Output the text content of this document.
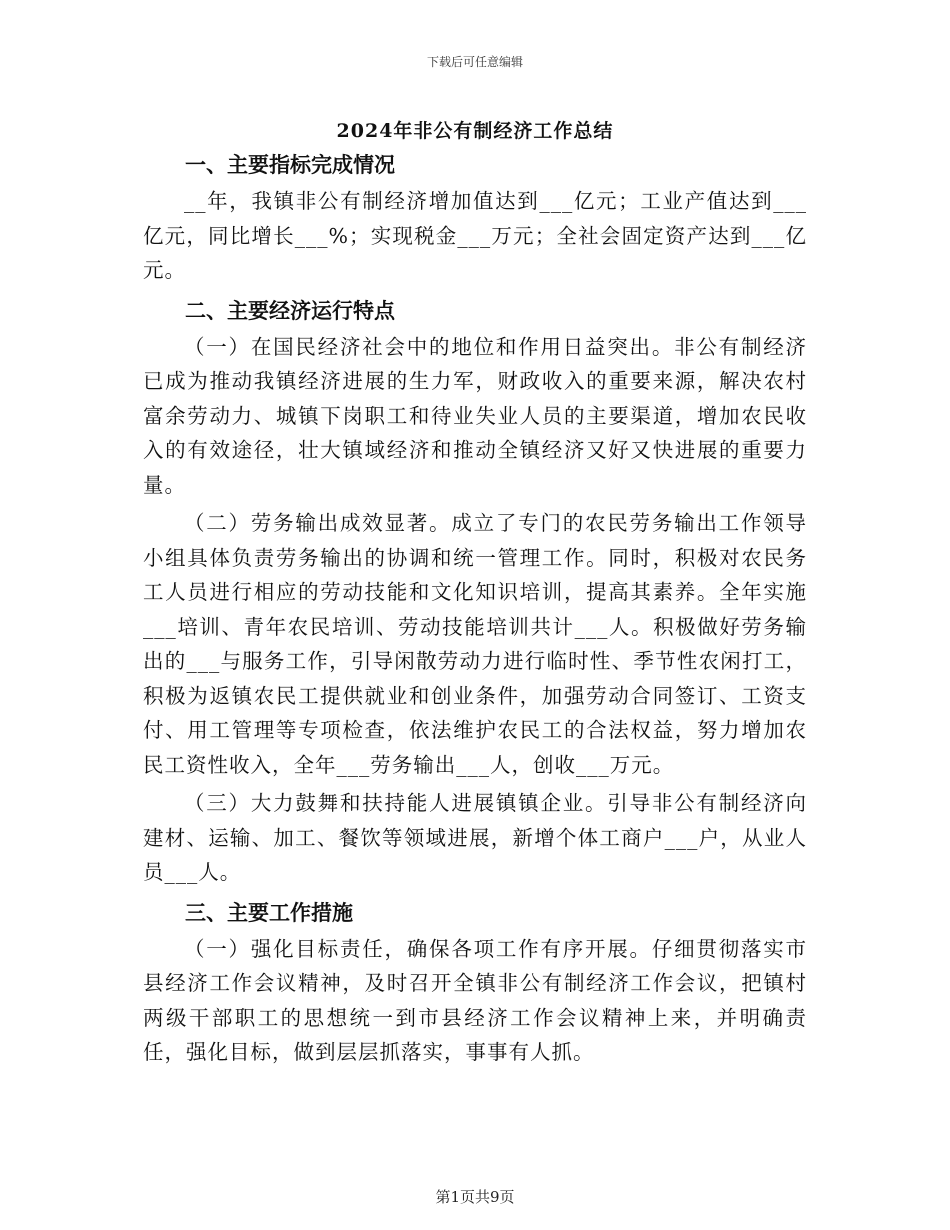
下载后可任意编辑
2024年非公有制经济工作总结
一、主要指标完成情况

__年，我镇非公有制经济增加值达到___亿元；工业产值达到___亿元，同比增长___%；实现税金___万元；全社会固定资产达到___亿元。

二、主要经济运行特点

（一）在国民经济社会中的地位和作用日益突出。非公有制经济已成为推动我镇经济进展的生力军，财政收入的重要来源，解决农村富余劳动力、城镇下岗职工和待业失业人员的主要渠道，增加农民收入的有效途径，壮大镇域经济和推动全镇经济又好又快进展的重要力量。

（二）劳务输出成效显著。成立了专门的农民劳务输出工作领导小组具体负责劳务输出的协调和统一管理工作。同时，积极对农民务工人员进行相应的劳动技能和文化知识培训，提高其素养。全年实施___培训、青年农民培训、劳动技能培训共计___人。积极做好劳务输出的___与服务工作，引导闲散劳动力进行临时性、季节性农闲打工，积极为返镇农民工提供就业和创业条件，加强劳动合同签订、工资支付、用工管理等专项检查，依法维护农民工的合法权益，努力增加农民工资性收入，全年___劳务输出___人，创收___万元。

（三）大力鼓舞和扶持能人进展镇镇企业。引导非公有制经济向建材、运输、加工、餐饮等领域进展，新增个体工商户___户，从业人员___人。

三、主要工作措施

（一）强化目标责任，确保各项工作有序开展。仔细贯彻落实市县经济工作会议精神，及时召开全镇非公有制经济工作会议，把镇村两级干部职工的思想统一到市县经济工作会议精神上来，并明确责任，强化目标，做到层层抓落实，事事有人抓。

第1页共9页
